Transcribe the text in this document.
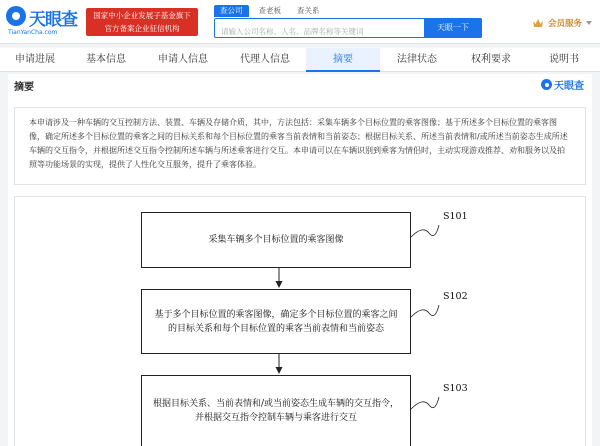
天眼查
TianYanCha.com
国家中小企业发展子基金旗下
官方备案企业征信机构
查公司	查老板	查关系
请输入公司名称、人名、品牌名称等关键词
天眼一下	会员服务
申请进展	基本信息	申请人信息	代理人信息	摘要	法律状态	权利要求	说明书
摘要	天眼查
本申请涉及一种车辆的交互控制方法、装置、车辆及存储介质，其中，方法包括：采集车辆多个目标位置的乘客图像；基于所述多个目标位置的乘客图像，确定所述多个目标位置的乘客之间的目标关系和每个目标位置的乘客当前表情和当前姿态；根据目标关系、所述当前表情和/或所述当前姿态生成所述车辆的交互指令，并根据所述交互指令控制所述车辆与所述乘客进行交互。本申请可以在车辆识别到乘客为情侣时，主动实现游戏推荐、劝和服务以及拍照等功能场景的实现，提供了人性化交互服务，提升了乘客体验。
采集车辆多个目标位置的乘客图像
S101
基于多个目标位置的乘客图像，确定多个目标位置的乘客之间的目标关系和每个目标位置的乘客当前表情和当前姿态
S102
根据目标关系、当前表情和/或当前姿态生成车辆的交互指令，并根据交互指令控制车辆与乘客进行交互
S103
